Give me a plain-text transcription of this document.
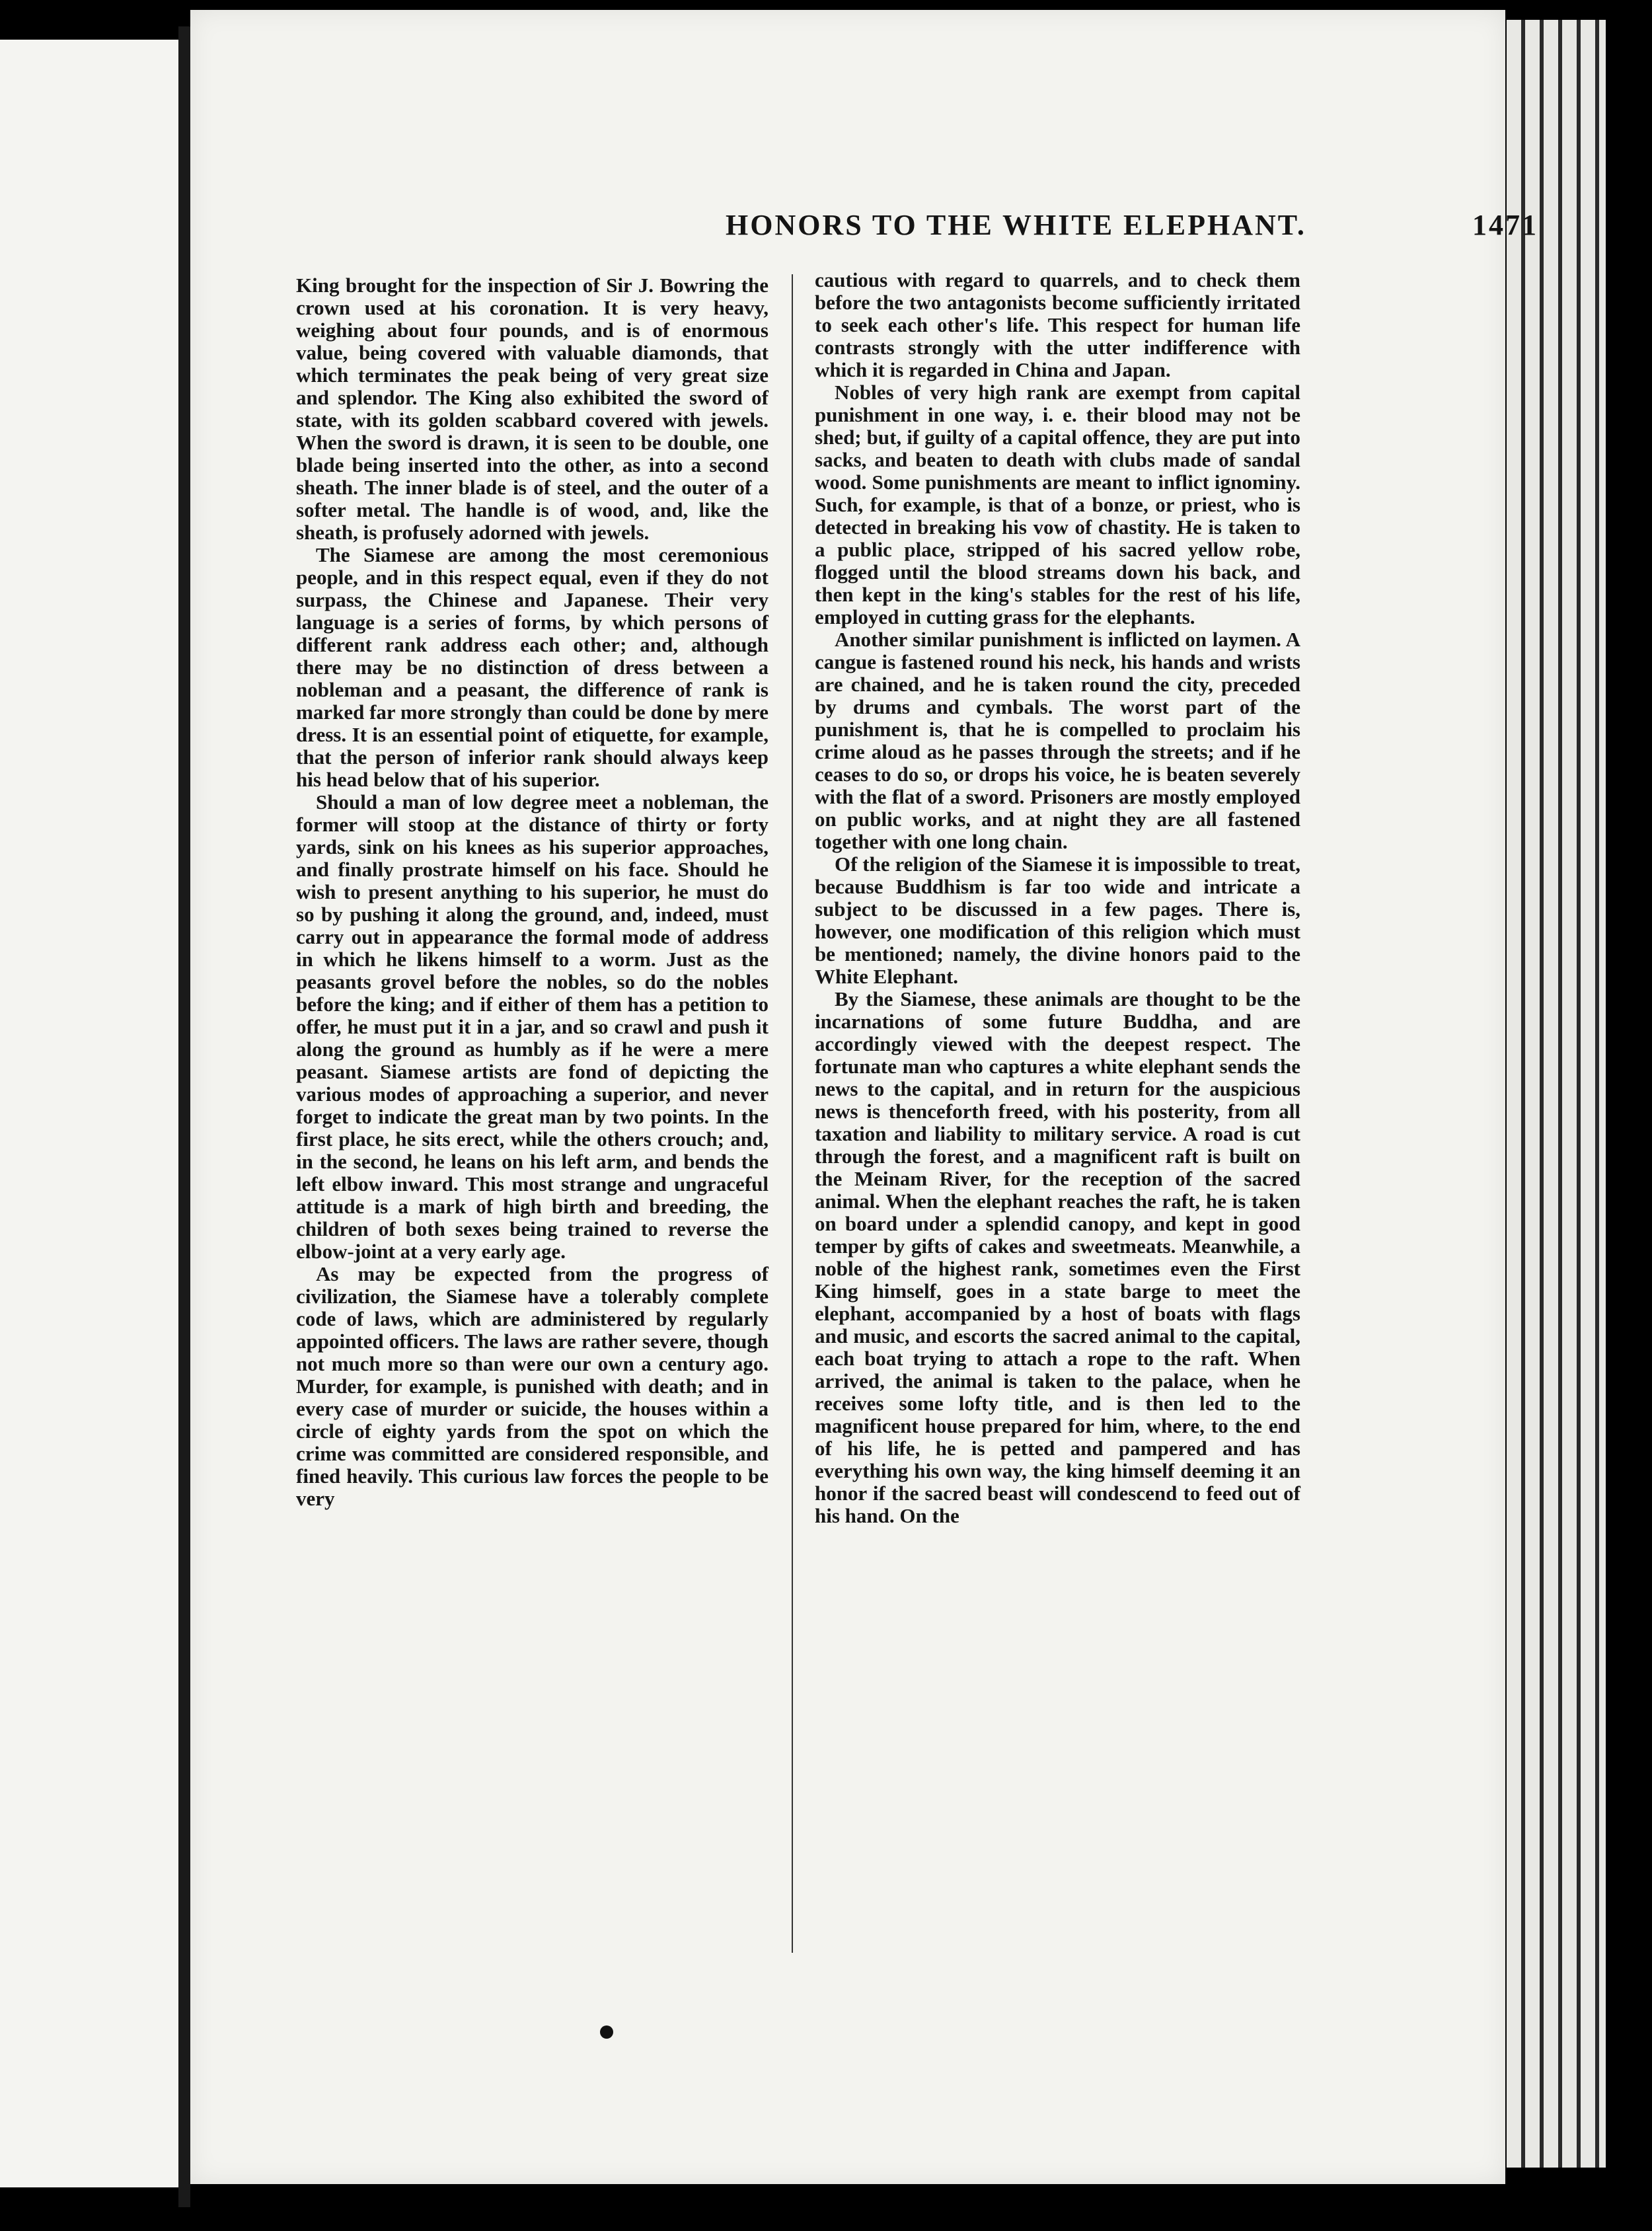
HONORS TO THE WHITE ELEPHANT.	1471

King brought for the inspection of Sir J. Bowring the crown used at his coronation. It is very heavy, weighing about four pounds, and is of enormous value, being covered with valuable diamonds, that which terminates the peak being of very great size and splendor. The King also exhibited the sword of state, with its golden scabbard covered with jewels. When the sword is drawn, it is seen to be double, one blade being inserted into the other, as into a second sheath. The inner blade is of steel, and the outer of a softer metal. The handle is of wood, and, like the sheath, is profusely adorned with jewels.

The Siamese are among the most ceremonious people, and in this respect equal, even if they do not surpass, the Chinese and Japanese. Their very language is a series of forms, by which persons of different rank address each other; and, although there may be no distinction of dress between a nobleman and a peasant, the difference of rank is marked far more strongly than could be done by mere dress. It is an essential point of etiquette, for example, that the person of inferior rank should always keep his head below that of his superior.

Should a man of low degree meet a nobleman, the former will stoop at the distance of thirty or forty yards, sink on his knees as his superior approaches, and finally prostrate himself on his face. Should he wish to present anything to his superior, he must do so by pushing it along the ground, and, indeed, must carry out in appearance the formal mode of address in which he likens himself to a worm. Just as the peasants grovel before the nobles, so do the nobles before the king; and if either of them has a petition to offer, he must put it in a jar, and so crawl and push it along the ground as humbly as if he were a mere peasant. Siamese artists are fond of depicting the various modes of approaching a superior, and never forget to indicate the great man by two points. In the first place, he sits erect, while the others crouch; and, in the second, he leans on his left arm, and bends the left elbow inward. This most strange and ungraceful attitude is a mark of high birth and breeding, the children of both sexes being trained to reverse the elbow-joint at a very early age.

As may be expected from the progress of civilization, the Siamese have a tolerably complete code of laws, which are administered by regularly appointed officers. The laws are rather severe, though not much more so than were our own a century ago. Murder, for example, is punished with death; and in every case of murder or suicide, the houses within a circle of eighty yards from the spot on which the crime was committed are considered responsible, and fined heavily. This curious law forces the people to be very

cautious with regard to quarrels, and to check them before the two antagonists become sufficiently irritated to seek each other's life. This respect for human life contrasts strongly with the utter indifference with which it is regarded in China and Japan.

Nobles of very high rank are exempt from capital punishment in one way, i. e. their blood may not be shed; but, if guilty of a capital offence, they are put into sacks, and beaten to death with clubs made of sandal wood. Some punishments are meant to inflict ignominy. Such, for example, is that of a bonze, or priest, who is detected in breaking his vow of chastity. He is taken to a public place, stripped of his sacred yellow robe, flogged until the blood streams down his back, and then kept in the king's stables for the rest of his life, employed in cutting grass for the elephants.

Another similar punishment is inflicted on laymen. A cangue is fastened round his neck, his hands and wrists are chained, and he is taken round the city, preceded by drums and cymbals. The worst part of the punishment is, that he is compelled to proclaim his crime aloud as he passes through the streets; and if he ceases to do so, or drops his voice, he is beaten severely with the flat of a sword. Prisoners are mostly employed on public works, and at night they are all fastened together with one long chain.

Of the religion of the Siamese it is impossible to treat, because Buddhism is far too wide and intricate a subject to be discussed in a few pages. There is, however, one modification of this religion which must be mentioned; namely, the divine honors paid to the White Elephant.

By the Siamese, these animals are thought to be the incarnations of some future Buddha, and are accordingly viewed with the deepest respect. The fortunate man who captures a white elephant sends the news to the capital, and in return for the auspicious news is thenceforth freed, with his posterity, from all taxation and liability to military service. A road is cut through the forest, and a magnificent raft is built on the Meinam River, for the reception of the sacred animal. When the elephant reaches the raft, he is taken on board under a splendid canopy, and kept in good temper by gifts of cakes and sweetmeats. Meanwhile, a noble of the highest rank, sometimes even the First King himself, goes in a state barge to meet the elephant, accompanied by a host of boats with flags and music, and escorts the sacred animal to the capital, each boat trying to attach a rope to the raft. When arrived, the animal is taken to the palace, when he receives some lofty title, and is then led to the magnificent house prepared for him, where, to the end of his life, he is petted and pampered and has everything his own way, the king himself deeming it an honor if the sacred beast will condescend to feed out of his hand. On the
